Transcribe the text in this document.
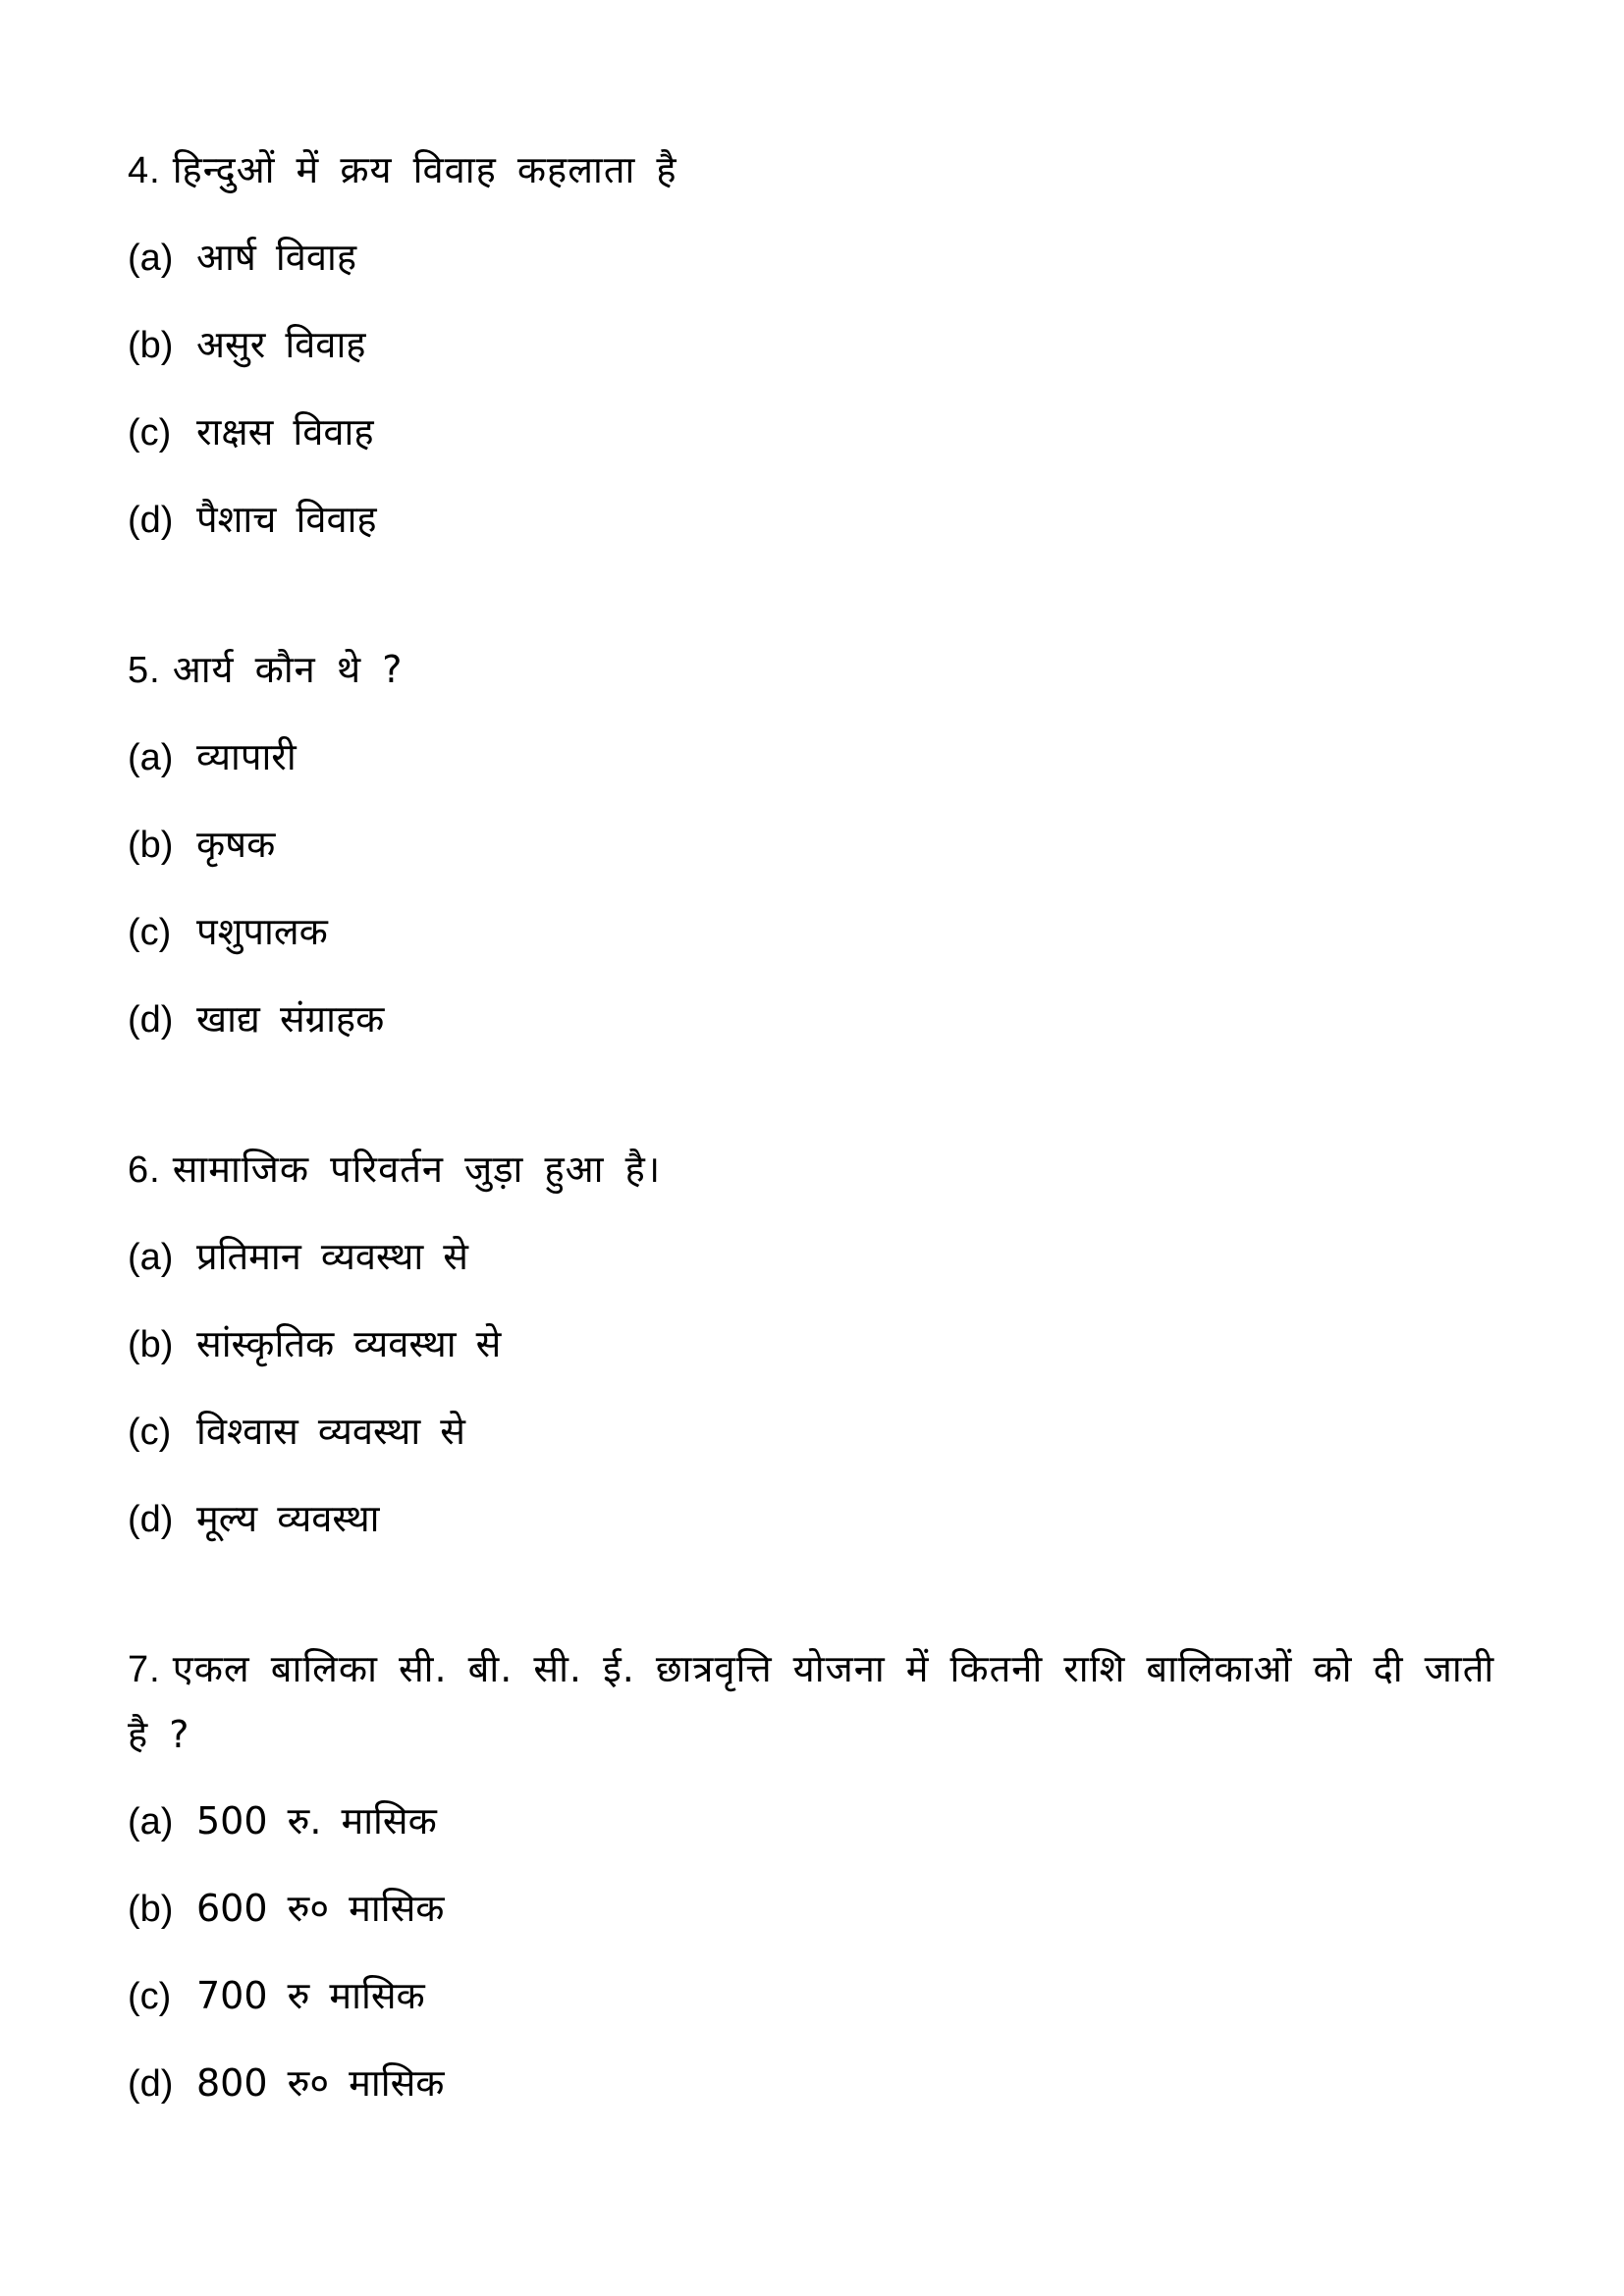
4. हिन्दुओं में क्रय विवाह कहलाता है

(a) आर्ष विवाह
(b) असुर विवाह
(c) राक्षस विवाह
(d) पैशाच विवाह

5. आर्य कौन थे ?

(a) व्यापारी
(b) कृषक
(c) पशुपालक
(d) खाद्य संग्राहक

6. सामाजिक परिवर्तन जुड़ा हुआ है।

(a) प्रतिमान व्यवस्था से
(b) सांस्कृतिक व्यवस्था से
(c) विश्वास व्यवस्था से
(d) मूल्य व्यवस्था

7. एकल बालिका सी. बी. सी. ई. छात्रवृत्ति योजना में कितनी राशि बालिकाओं को दी जाती है ?

(a) 500 रु. मासिक
(b) 600 रु० मासिक
(c) 700 रु मासिक
(d) 800 रु० मासिक
